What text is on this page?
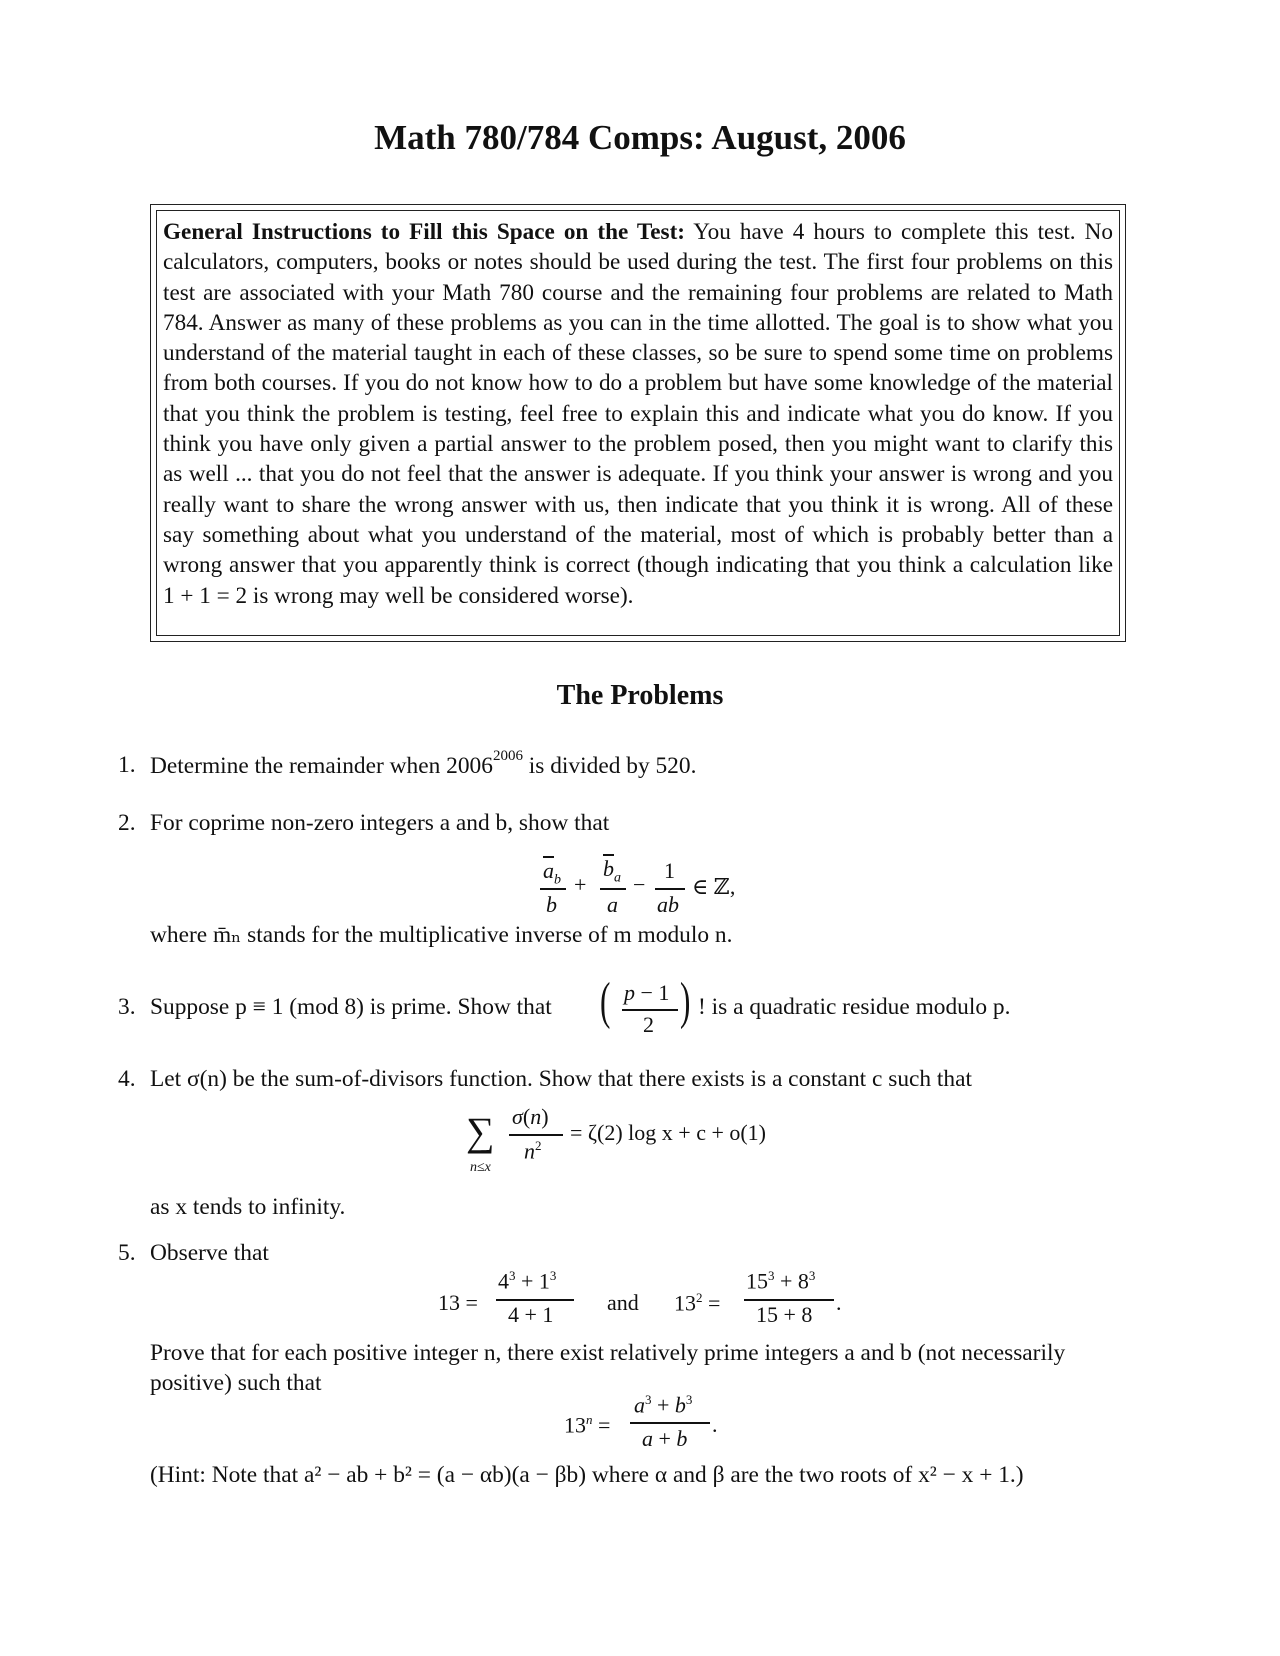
Math 780/784 Comps: August, 2006
General Instructions to Fill this Space on the Test: You have 4 hours to complete this test. No calculators, computers, books or notes should be used during the test. The first four problems on this test are associated with your Math 780 course and the remaining four problems are related to Math 784. Answer as many of these problems as you can in the time allotted. The goal is to show what you understand of the material taught in each of these classes, so be sure to spend some time on problems from both courses. If you do not know how to do a problem but have some knowledge of the material that you think the problem is testing, feel free to explain this and indicate what you do know. If you think you have only given a partial answer to the problem posed, then you might want to clarify this as well ... that you do not feel that the answer is adequate. If you think your answer is wrong and you really want to share the wrong answer with us, then indicate that you think it is wrong. All of these say something about what you understand of the material, most of which is probably better than a wrong answer that you apparently think is correct (though indicating that you think a calculation like 1 + 1 = 2 is wrong may well be considered worse).
The Problems
1. Determine the remainder when $2006^{2006}$ is divided by 520.
2. For coprime non-zero integers a and b, show that
$\overline{a}_b$
b
+
$\overline{b}_a$
a
−
1
ab
∈ ℤ,
where m̄ₙ stands for the multiplicative inverse of m modulo n.
3. Suppose p ≡ 1 (mod 8) is prime. Show that ( p − 1
2 ) ! is a quadratic residue modulo p.
4. Let σ(n) be the sum-of-divisors function. Show that there exists is a constant c such that
∑
n≤x
σ(n)
$n^2$
= ζ(2) log x + c + o(1)
as x tends to infinity.
5. Observe that
13 =
$4^3 + 1^3$
4 + 1 and $13^2$ =
$15^3 + 8^3$
15 + 8 .
Prove that for each positive integer n, there exist relatively prime integers a and b (not necessarily positive) such that
$13^n$ =
$a^3 + b^3$
a + b
.
(Hint: Note that a² − ab + b² = (a − αb)(a − βb) where α and β are the two roots of x² − x + 1.)
